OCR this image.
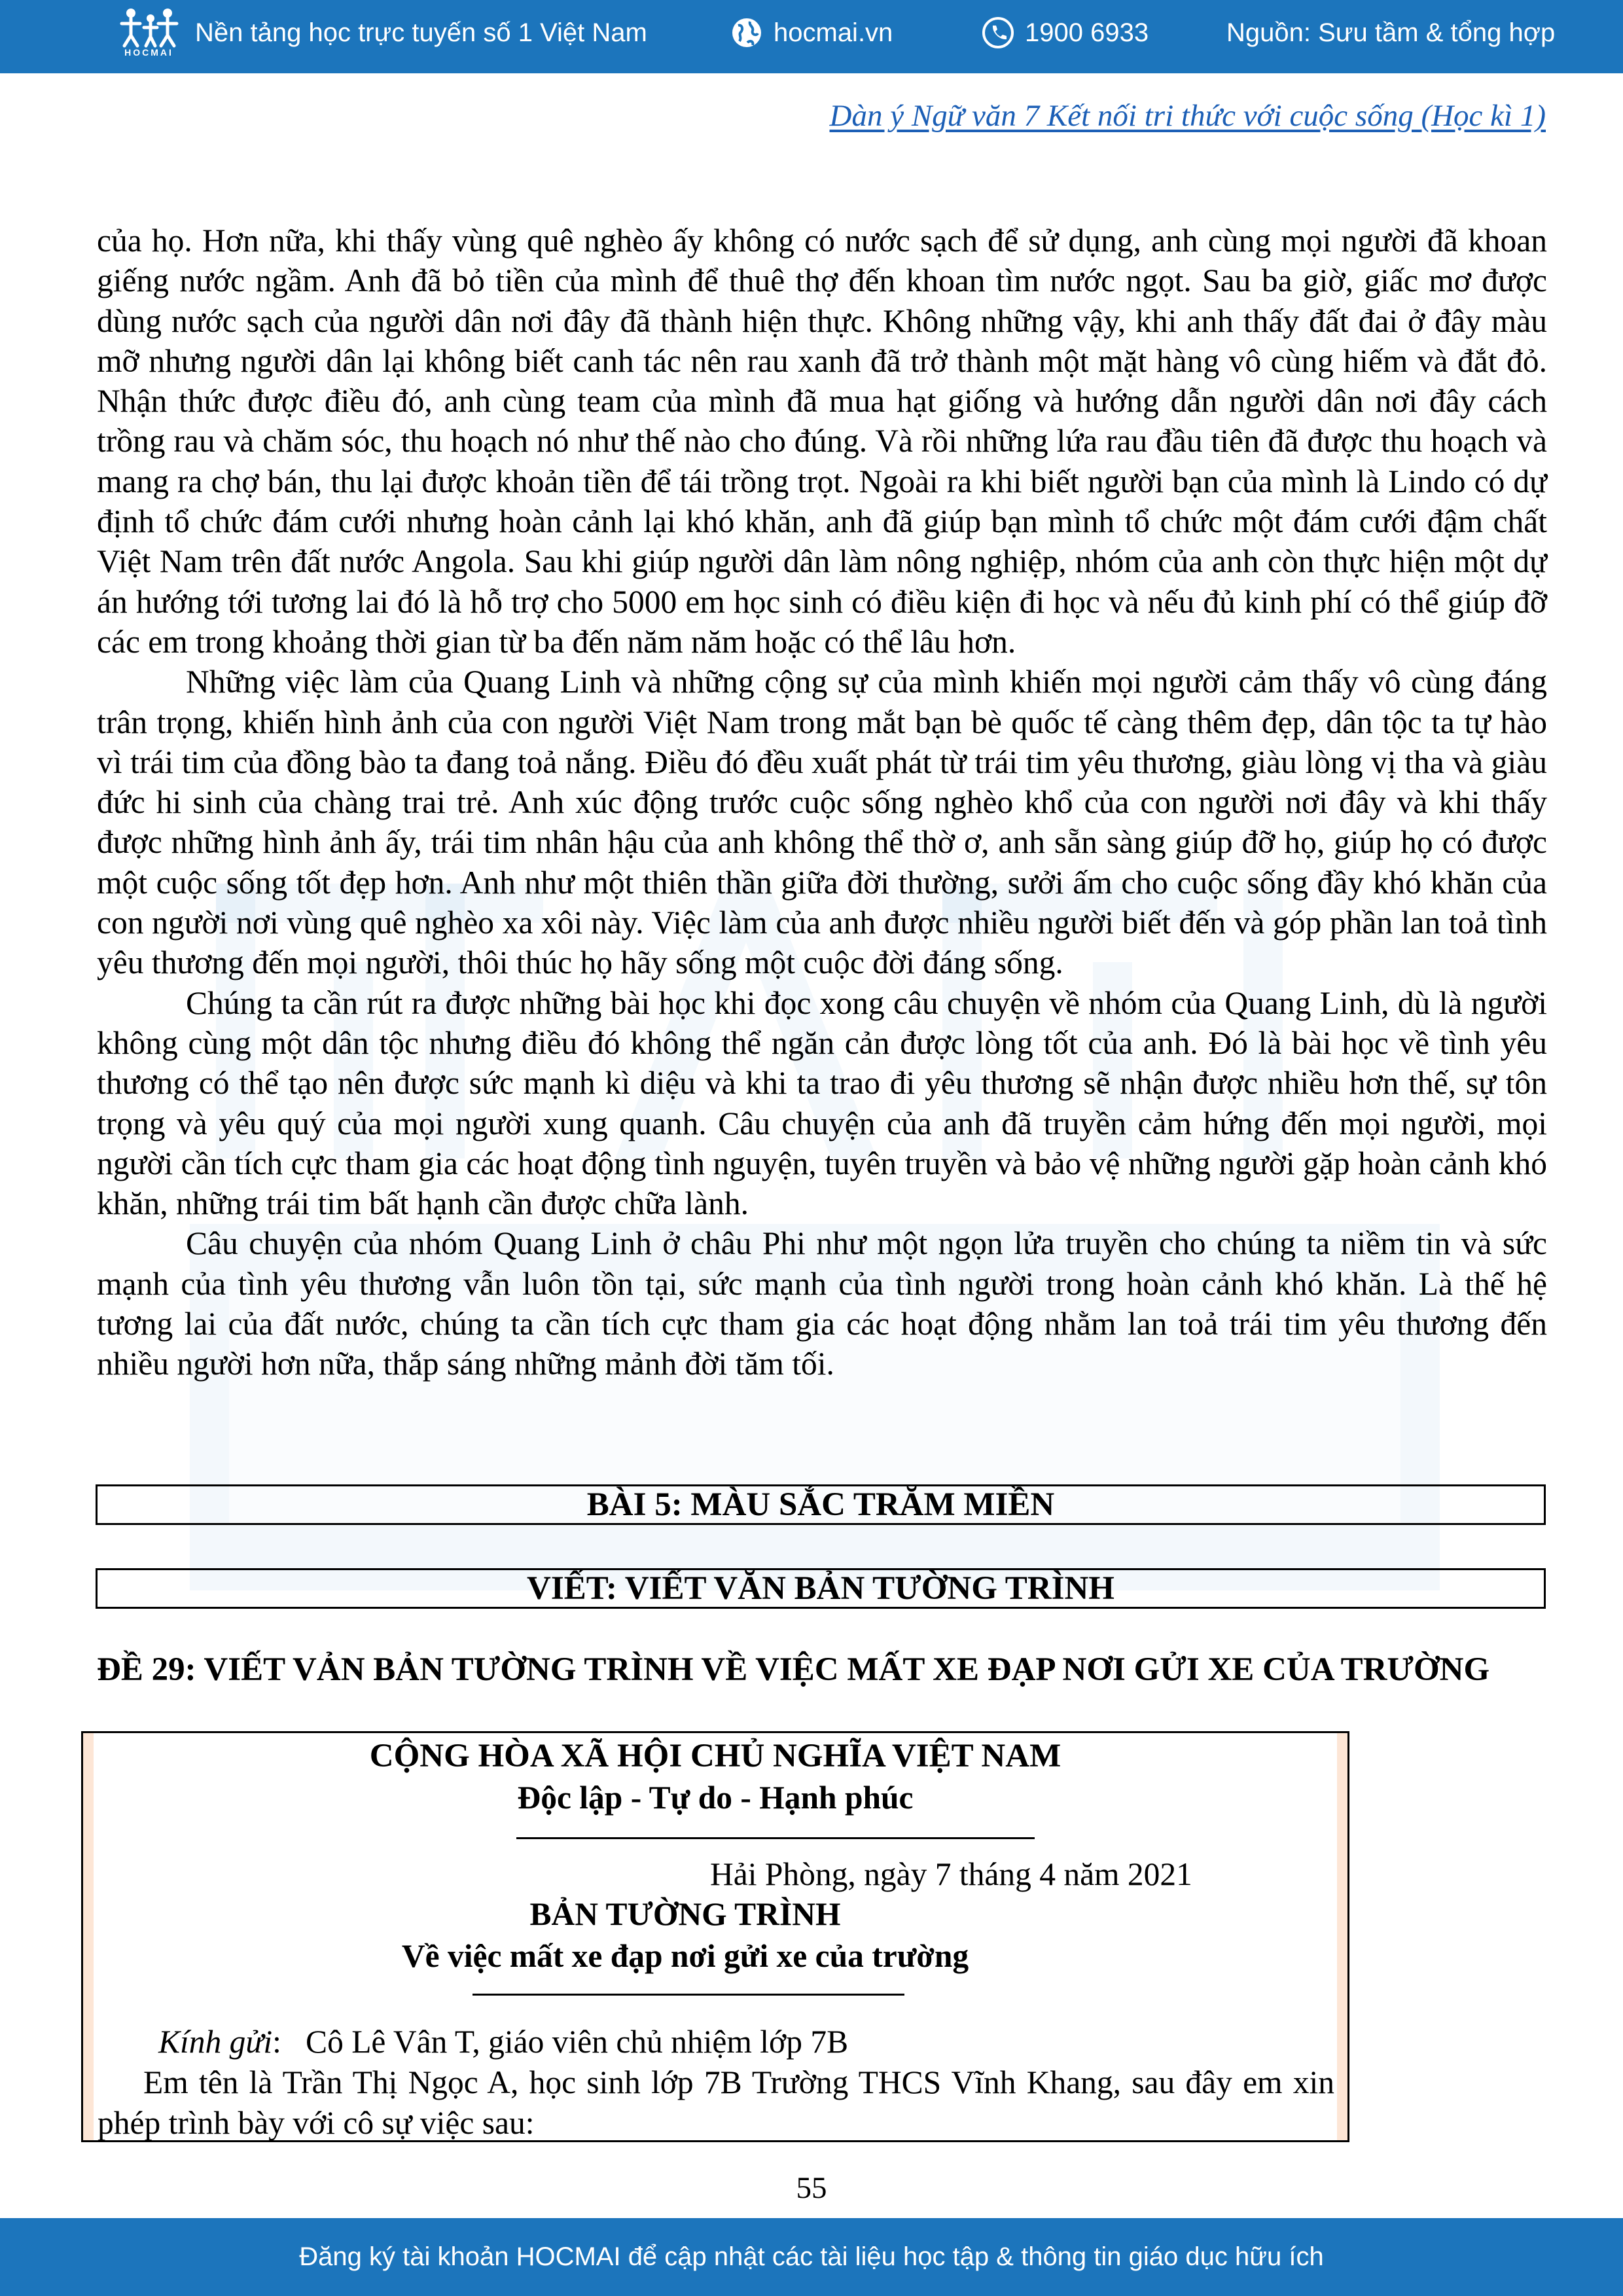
HOCMAI
Nền tảng học trực tuyến số 1 Việt Nam	hocmai.vn	1900 6933	Nguồn: Sưu tầm & tổng hợp
Dàn ý Ngữ văn 7 Kết nối tri thức với cuộc sống (Học kì 1)

của họ. Hơn nữa, khi thấy vùng quê nghèo ấy không có nước sạch để sử dụng, anh cùng mọi người đã khoan giếng nước ngầm. Anh đã bỏ tiền của mình để thuê thợ đến khoan tìm nước ngọt. Sau ba giờ, giấc mơ được dùng nước sạch của người dân nơi đây đã thành hiện thực. Không những vậy, khi anh thấy đất đai ở đây màu mỡ nhưng người dân lại không biết canh tác nên rau xanh đã trở thành một mặt hàng vô cùng hiếm và đắt đỏ. Nhận thức được điều đó, anh cùng team của mình đã mua hạt giống và hướng dẫn người dân nơi đây cách trồng rau và chăm sóc, thu hoạch nó như thế nào cho đúng. Và rồi những lứa rau đầu tiên đã được thu hoạch và mang ra chợ bán, thu lại được khoản tiền để tái trồng trọt. Ngoài ra khi biết người bạn của mình là Lindo có dự định tổ chức đám cưới nhưng hoàn cảnh lại khó khăn, anh đã giúp bạn mình tổ chức một đám cưới đậm chất Việt Nam trên đất nước Angola. Sau khi giúp người dân làm nông nghiệp, nhóm của anh còn thực hiện một dự án hướng tới tương lai đó là hỗ trợ cho 5000 em học sinh có điều kiện đi học và nếu đủ kinh phí có thể giúp đỡ các em trong khoảng thời gian từ ba đến năm năm hoặc có thể lâu hơn.

Những việc làm của Quang Linh và những cộng sự của mình khiến mọi người cảm thấy vô cùng đáng trân trọng, khiến hình ảnh của con người Việt Nam trong mắt bạn bè quốc tế càng thêm đẹp, dân tộc ta tự hào vì trái tim của đồng bào ta đang toả nắng. Điều đó đều xuất phát từ trái tim yêu thương, giàu lòng vị tha và giàu đức hi sinh của chàng trai trẻ. Anh xúc động trước cuộc sống nghèo khổ của con người nơi đây và khi thấy được những hình ảnh ấy, trái tim nhân hậu của anh không thể thờ ơ, anh sẵn sàng giúp đỡ họ, giúp họ có được một cuộc sống tốt đẹp hơn. Anh như một thiên thần giữa đời thường, sưởi ấm cho cuộc sống đầy khó khăn của con người nơi vùng quê nghèo xa xôi này. Việc làm của anh được nhiều người biết đến và góp phần lan toả tình yêu thương đến mọi người, thôi thúc họ hãy sống một cuộc đời đáng sống.

Chúng ta cần rút ra được những bài học khi đọc xong câu chuyện về nhóm của Quang Linh, dù là người không cùng một dân tộc nhưng điều đó không thể ngăn cản được lòng tốt của anh. Đó là bài học về tình yêu thương có thể tạo nên được sức mạnh kì diệu và khi ta trao đi yêu thương sẽ nhận được nhiều hơn thế, sự tôn trọng và yêu quý của mọi người xung quanh. Câu chuyện của anh đã truyền cảm hứng đến mọi người, mọi người cần tích cực tham gia các hoạt động tình nguyện, tuyên truyền và bảo vệ những người gặp hoàn cảnh khó khăn, những trái tim bất hạnh cần được chữa lành.

Câu chuyện của nhóm Quang Linh ở châu Phi như một ngọn lửa truyền cho chúng ta niềm tin và sức mạnh của tình yêu thương vẫn luôn tồn tại, sức mạnh của tình người trong hoàn cảnh khó khăn. Là thế hệ tương lai của đất nước, chúng ta cần tích cực tham gia các hoạt động nhằm lan toả trái tim yêu thương đến nhiều người hơn nữa, thắp sáng những mảnh đời tăm tối.

BÀI 5: MÀU SẮC TRĂM MIỀN
VIẾT: VIẾT VĂN BẢN TƯỜNG TRÌNH
ĐỀ 29: VIẾT VẢN BẢN TƯỜNG TRÌNH VỀ VIỆC MẤT XE ĐẠP NƠI GỬI XE CỦA TRƯỜNG
CỘNG HÒA XÃ HỘI CHỦ NGHĨA VIỆT NAM
Độc lập - Tự do - Hạnh phúc
Hải Phòng, ngày 7 tháng 4 năm 2021
BẢN TƯỜNG TRÌNH
Về việc mất xe đạp nơi gửi xe của trường
Kính gửi:   Cô Lê Vân T, giáo viên chủ nhiệm lớp 7B
Em tên là Trần Thị Ngọc A, học sinh lớp 7B Trường THCS Vĩnh Khang, sau đây em xin phép trình bày với cô sự việc sau:
55
Đăng ký tài khoản HOCMAI để cập nhật các tài liệu học tập & thông tin giáo dục hữu ích
